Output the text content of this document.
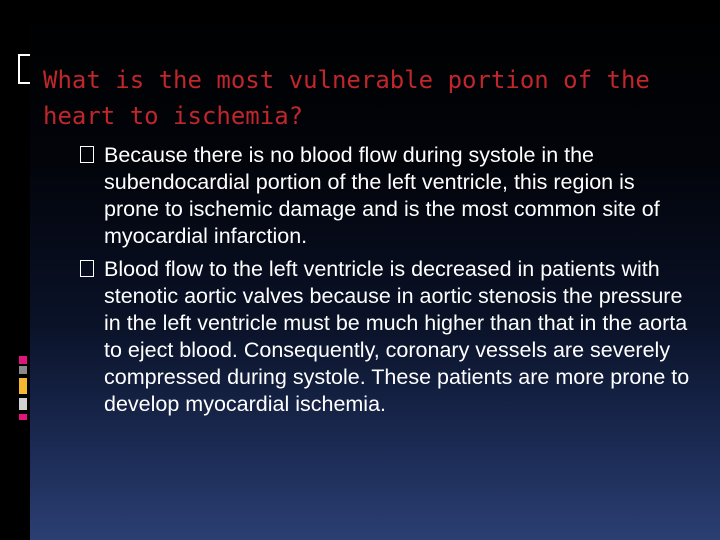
What is the most vulnerable portion of the heart to ischemia?
Because there is no blood flow during systole in the subendocardial portion of the left ventricle, this region is prone to ischemic damage and is the most common site of myocardial infarction.
Blood flow to the left ventricle is decreased in patients with stenotic aortic valves because in aortic stenosis the pressure in the left ventricle must be much higher than that in the aorta to eject blood. Consequently, coronary vessels are severely compressed during systole. These patients are more prone to develop myocardial ischemia.
